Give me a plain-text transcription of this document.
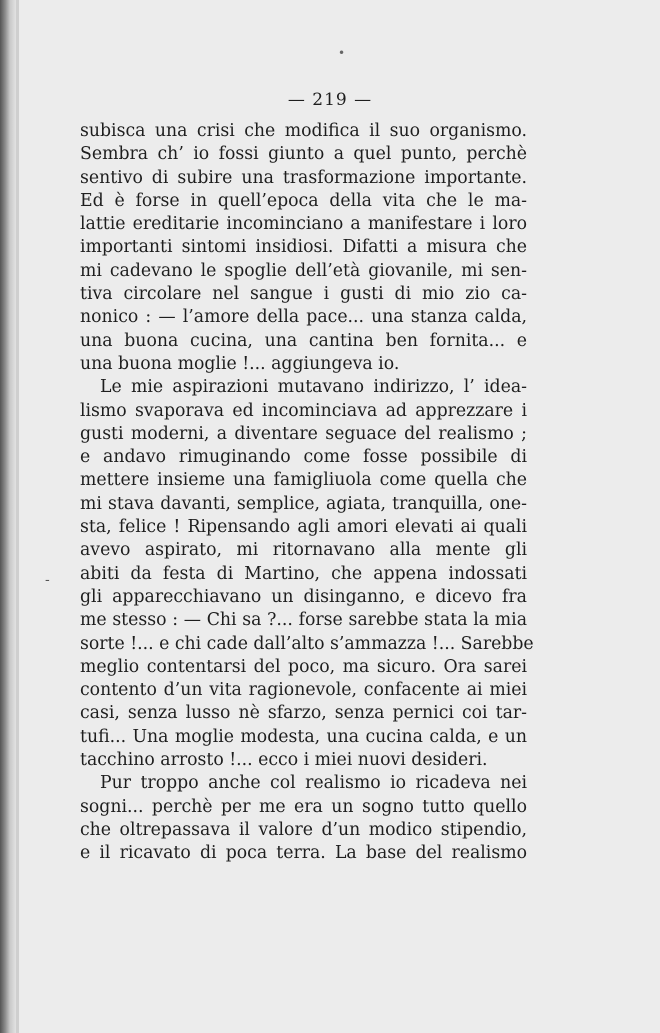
•
— 219 —
-
subisca una crisi che modifica il suo organismo.
Sembra ch’ io fossi giunto a quel punto, perchè
sentivo di subire una trasformazione importante.
Ed è forse in quell’epoca della vita che le ma-
lattie ereditarie incominciano a manifestare i loro
importanti sintomi insidiosi. Difatti a misura che
mi cadevano le spoglie dell’età giovanile, mi sen-
tiva circolare nel sangue i gusti di mio zio ca-
nonico : — l’amore della pace... una stanza calda,
una buona cucina, una cantina ben fornita... e
una buona moglie !... aggiungeva io.
Le mie aspirazioni mutavano indirizzo, l’ idea-
lismo svaporava ed incominciava ad apprezzare i
gusti moderni, a diventare seguace del realismo ;
e andavo rimuginando come fosse possibile di
mettere insieme una famigliuola come quella che
mi stava davanti, semplice, agiata, tranquilla, one-
sta, felice ! Ripensando agli amori elevati ai quali
avevo aspirato, mi ritornavano alla mente gli
abiti da festa di Martino, che appena indossati
gli apparecchiavano un disinganno, e dicevo fra
me stesso : — Chi sa ?... forse sarebbe stata la mia
sorte !... e chi cade dall’alto s’ammazza !... Sarebbe
meglio contentarsi del poco, ma sicuro. Ora sarei
contento d’un vita ragionevole, confacente ai miei
casi, senza lusso nè sfarzo, senza pernici coi tar-
tufi... Una moglie modesta, una cucina calda, e un
tacchino arrosto !... ecco i miei nuovi desideri.
Pur troppo anche col realismo io ricadeva nei
sogni... perchè per me era un sogno tutto quello
che oltrepassava il valore d’un modico stipendio,
e il ricavato di poca terra. La base del realismo
